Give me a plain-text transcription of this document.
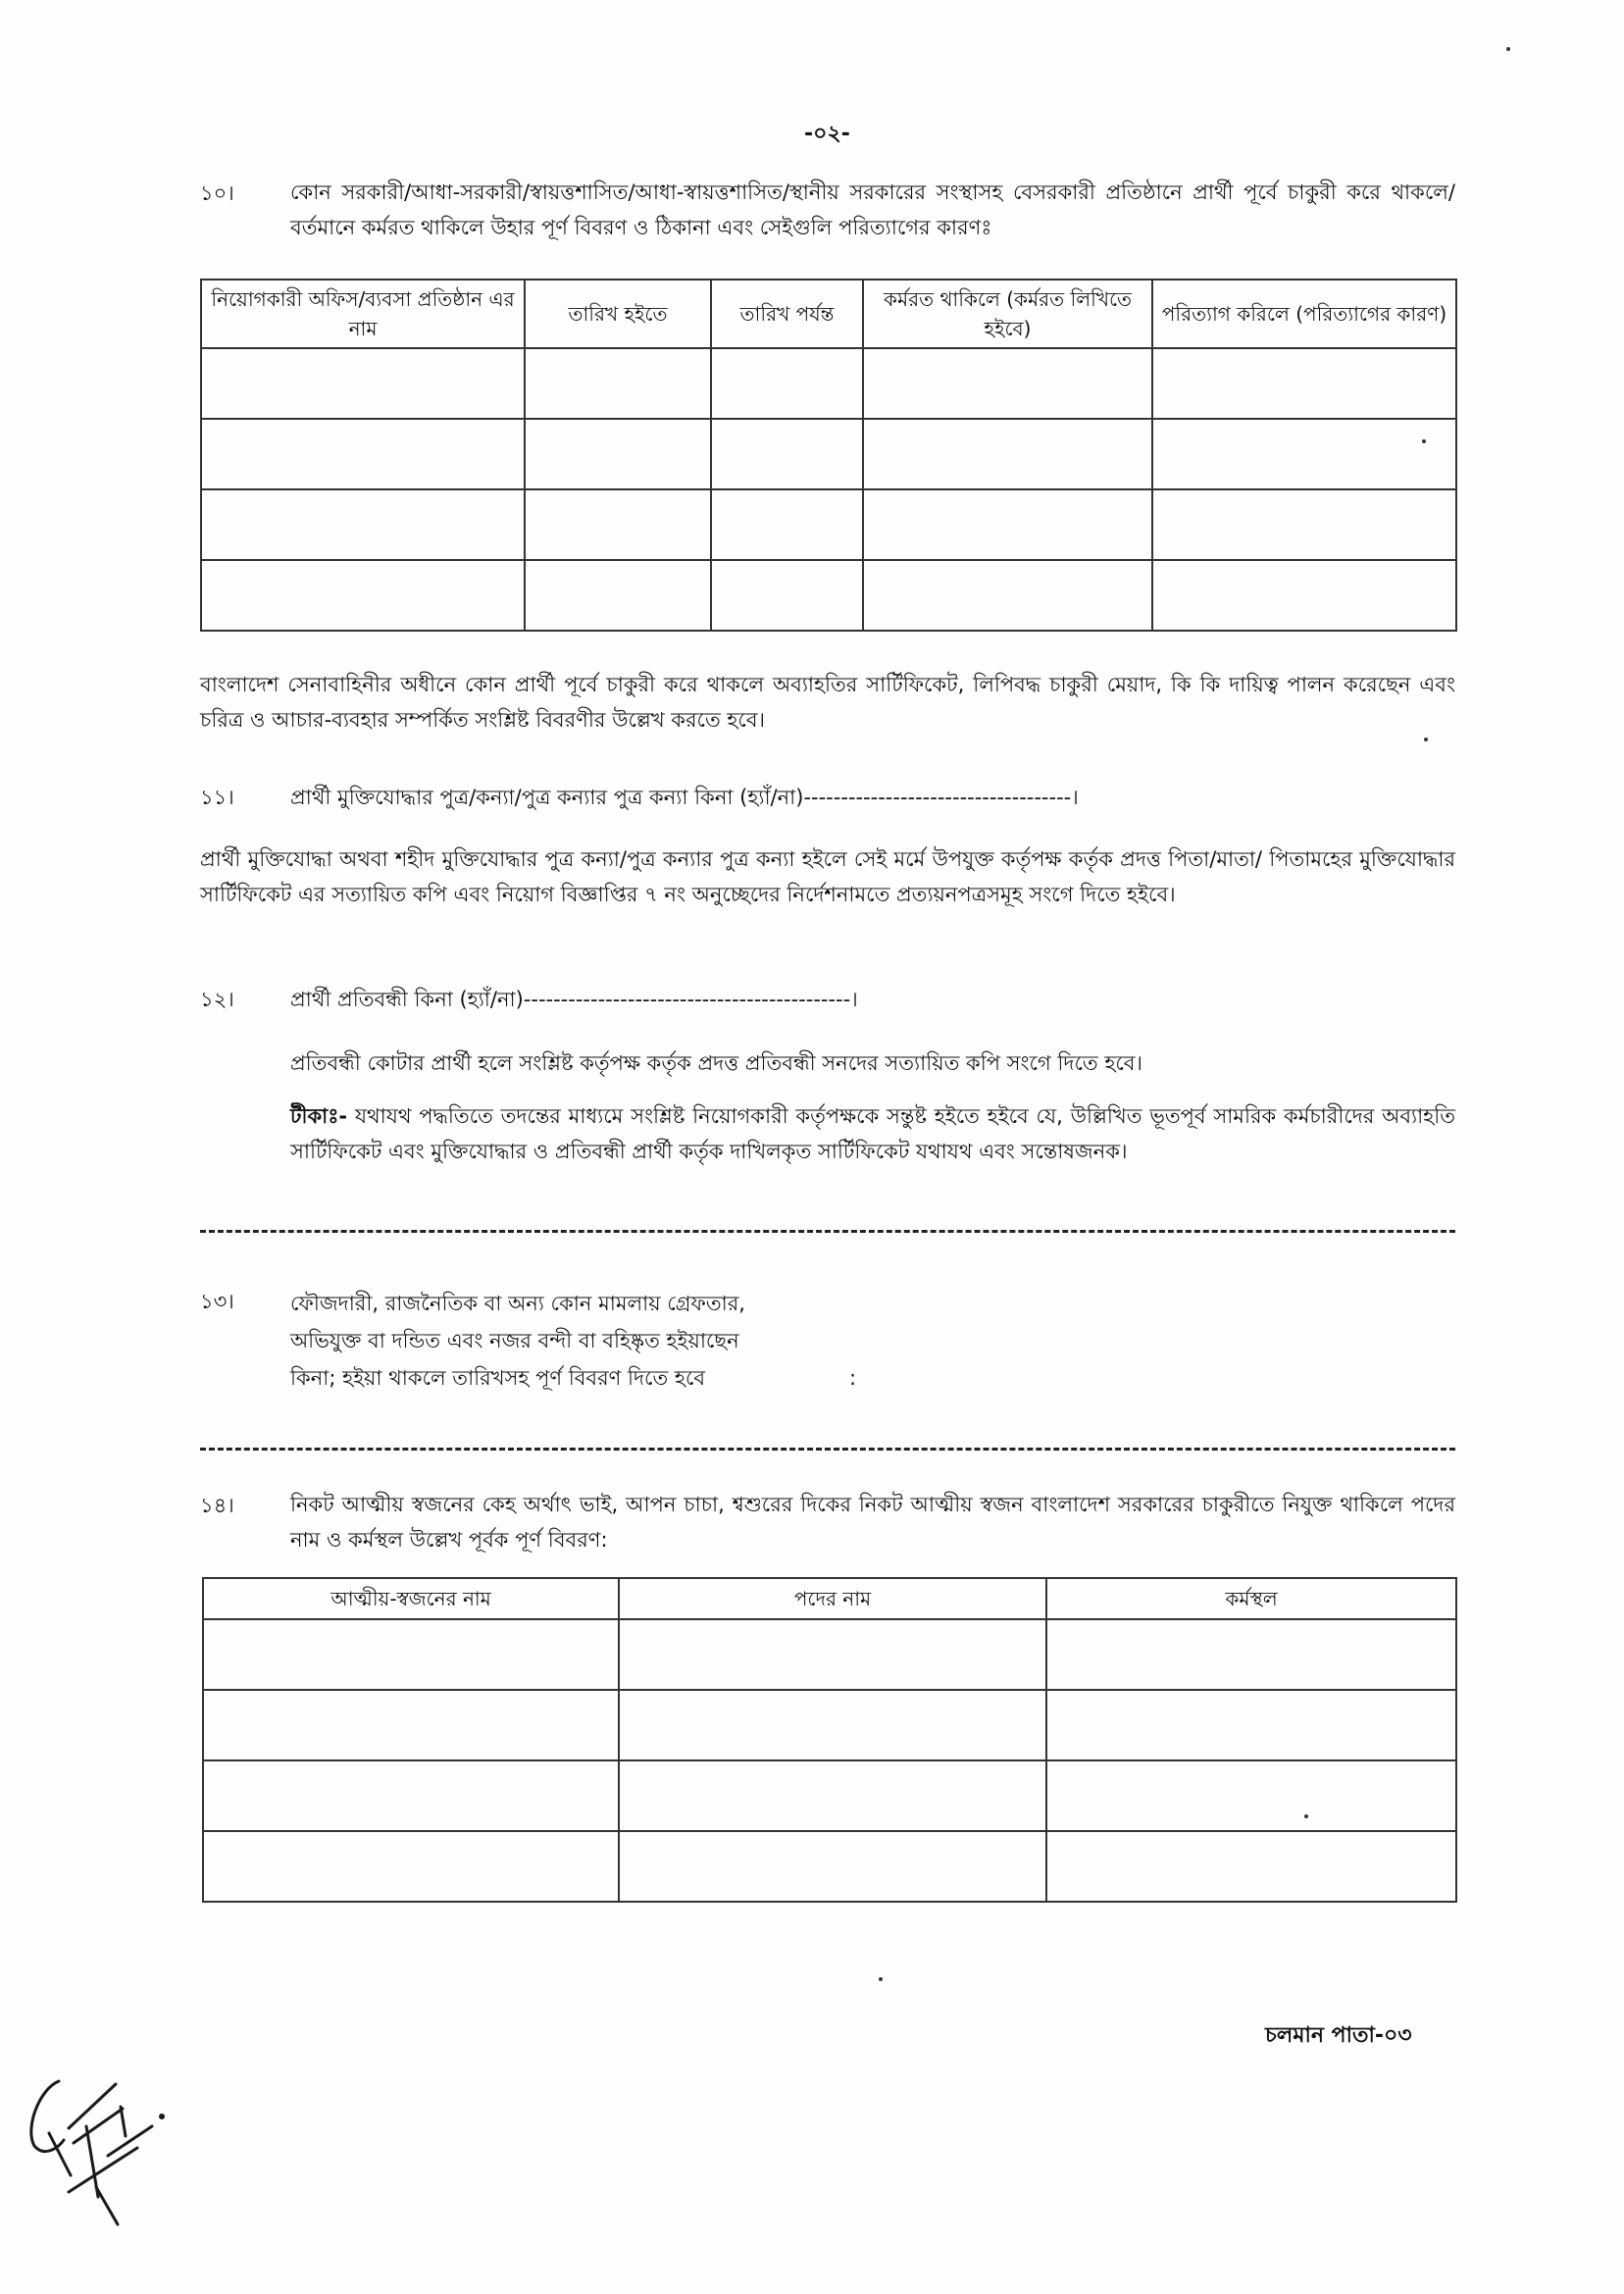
-০২-
১০।	কোন সরকারী/আধা-সরকারী/স্বায়ত্তশাসিত/আধা-স্বায়ত্তশাসিত/স্থানীয় সরকারের সংস্থাসহ বেসরকারী প্রতিষ্ঠানে প্রার্থী পূর্বে চাকুরী করে থাকলে/বর্তমানে কর্মরত থাকিলে উহার পূর্ণ বিবরণ ও ঠিকানা এবং সেইগুলি পরিত্যাগের কারণঃ
নিয়োগকারী অফিস/ব্যবসা প্রতিষ্ঠান এর নাম	তারিখ হইতে	তারিখ পর্যন্ত	কর্মরত থাকিলে (কর্মরত লিখিতে হইবে)	পরিত্যাগ করিলে (পরিত্যাগের কারণ)

বাংলাদেশ সেনাবাহিনীর অধীনে কোন প্রার্থী পূর্বে চাকুরী করে থাকলে অব্যাহতির সার্টিফিকেট, লিপিবদ্ধ চাকুরী মেয়াদ, কি কি দায়িত্ব পালন করেছেন এবং চরিত্র ও আচার-ব্যবহার সম্পর্কিত সংশ্লিষ্ট বিবরণীর উল্লেখ করতে হবে।
১১।	প্রার্থী মুক্তিযোদ্ধার পুত্র/কন্যা/পুত্র কন্যার পুত্র কন্যা কিনা (হ্যাঁ/না)------------------------------------।
প্রার্থী মুক্তিযোদ্ধা অথবা শহীদ মুক্তিযোদ্ধার পুত্র কন্যা/পুত্র কন্যার পুত্র কন্যা হইলে সেই মর্মে উপযুক্ত কর্তৃপক্ষ কর্তৃক প্রদত্ত পিতা/মাতা/ পিতামহের মুক্তিযোদ্ধার সার্টিফিকেট এর সত্যায়িত কপি এবং নিয়োগ বিজ্ঞাপ্তির ৭ নং অনুচ্ছেদের নির্দেশনামতে প্রত্যয়নপত্রসমূহ সংগে দিতে হইবে।
১২।	প্রার্থী প্রতিবন্ধী কিনা (হ্যাঁ/না)--------------------------------------------।
প্রতিবন্ধী কোটার প্রার্থী হলে সংশ্লিষ্ট কর্তৃপক্ষ কর্তৃক প্রদত্ত প্রতিবন্ধী সনদের সত্যায়িত কপি সংগে দিতে হবে।
টীকাঃ- যথাযথ পদ্ধতিতে তদন্তের মাধ্যমে সংশ্লিষ্ট নিয়োগকারী কর্তৃপক্ষকে সন্তুষ্ট হইতে হইবে যে, উল্লিখিত ভূতপূর্ব সামরিক কর্মচারীদের অব্যাহতি সার্টিফিকেট এবং মুক্তিযোদ্ধার ও প্রতিবন্ধী প্রার্থী কর্তৃক দাখিলকৃত সার্টিফিকেট যথাযথ এবং সন্তোষজনক।
১৩।	ফৌজদারী, রাজনৈতিক বা অন্য কোন মামলায় গ্রেফতার,
অভিযুক্ত বা দন্ডিত এবং নজর বন্দী বা বহিষ্কৃত হইয়াছেন
কিনা; হইয়া থাকলে তারিখসহ পূর্ণ বিবরণ দিতে হবে	:
১৪।	নিকট আত্মীয় স্বজনের কেহ অর্থাৎ ভাই, আপন চাচা, শ্বশুরের দিকের নিকট আত্মীয় স্বজন বাংলাদেশ সরকারের চাকুরীতে নিযুক্ত থাকিলে পদের নাম ও কর্মস্থল উল্লেখ পূর্বক পূর্ণ বিবরণ:
আত্মীয়-স্বজনের নাম	পদের নাম	কর্মস্থল

চলমান পাতা-০৩
